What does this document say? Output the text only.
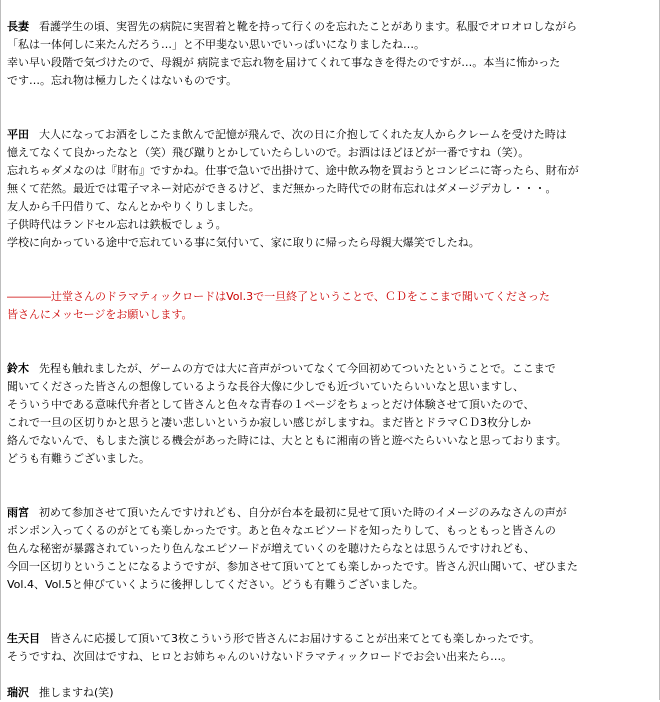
長妻 看護学生の頃、実習先の病院に実習着と靴を持って行くのを忘れたことがあります。私服でオロオロしながら
「私は一体何しに来たんだろう…」と不甲斐ない思いでいっぱいになりましたね…。
幸い早い段階で気づけたので、母親が 病院まで忘れ物を届けてくれて事なきを得たのですが…。本当に怖かった
です…。忘れ物は極力したくはないものです。
平田 大人になってお酒をしこたま飲んで記憶が飛んで、次の日に介抱してくれた友人からクレームを受けた時は
憶えてなくて良かったなと（笑）飛び蹴りとかしていたらしいので。お酒はほどほどが一番ですね（笑）。
忘れちゃダメなのは『財布』ですかね。仕事で急いで出掛けて、途中飲み物を買おうとコンビニに寄ったら、財布が
無くて茫然。最近では電子マネー対応ができるけど、まだ無かった時代での財布忘れはダメージデカし・・・。
友人から千円借りて、なんとかやりくりしました。
子供時代はランドセル忘れは鉄板でしょう。
学校に向かっている途中で忘れている事に気付いて、家に取りに帰ったら母親大爆笑でしたね。
――――辻堂さんのドラマティックロードはVol.3で一旦終了ということで、ＣＤをここまで聞いてくださった
皆さんにメッセージをお願いします。
鈴木 先程も触れましたが、ゲームの方では大に音声がついてなくて今回初めてついたということで。ここまで
聞いてくださった皆さんの想像しているような長谷大像に少しでも近づいていたらいいなと思いますし、
そういう中である意味代弁者として皆さんと色々な青春の１ページをちょっとだけ体験させて頂いたので、
これで一旦の区切りかと思うと凄い悲しいというか寂しい感じがしますね。まだ皆とドラマＣＤ3枚分しか
絡んでないんで、もしまた演じる機会があった時には、大とともに湘南の皆と遊べたらいいなと思っております。
どうも有難うございました。
雨宮 初めて参加させて頂いたんですけれども、自分が台本を最初に見せて頂いた時のイメージのみなさんの声が
ポンポン入ってくるのがとても楽しかったです。あと色々なエピソードを知ったりして、もっともっと皆さんの
色んな秘密が暴露されていったり色んなエピソードが増えていくのを聴けたらなとは思うんですけれども、
今回一区切りということになるようですが、参加させて頂いてとても楽しかったです。皆さん沢山聞いて、ぜひまた
Vol.4、Vol.5と伸びていくように後押ししてください。どうも有難うございました。
生天目 皆さんに応援して頂いて3枚こういう形で皆さんにお届けすることが出来てとても楽しかったです。
そうですね、次回はですね、ヒロとお姉ちゃんのいけないドラマティックロードでお会い出来たら…。
瑞沢 推しますね(笑)
